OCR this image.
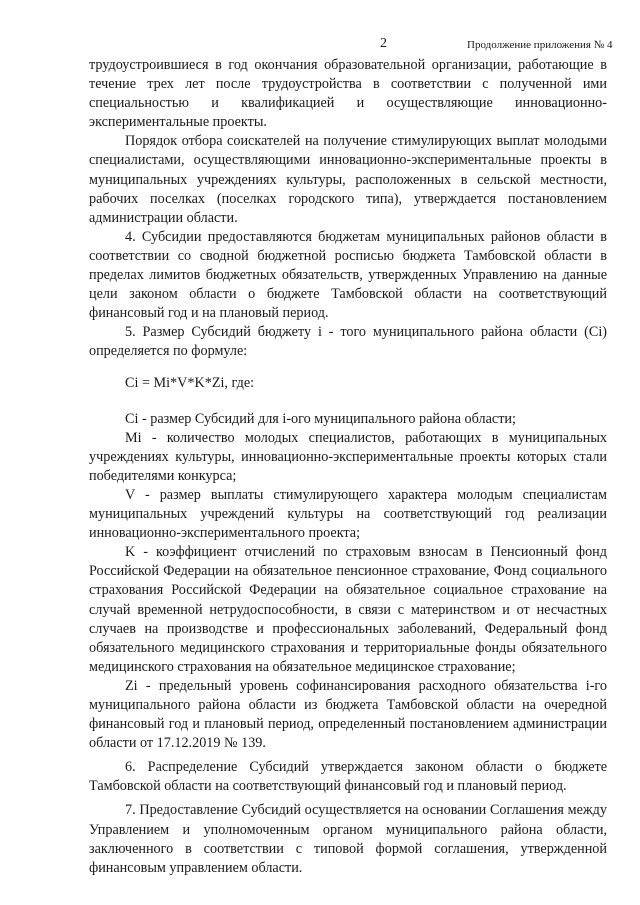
2	Продолжение приложения № 4

трудоустроившиеся в год окончания образовательной организации, работающие в течение трех лет после трудоустройства в соответствии с полученной ими специальностью и квалификацией и осуществляющие инновационно-экспериментальные проекты.

Порядок отбора соискателей на получение стимулирующих выплат молодыми специалистами, осуществляющими инновационно-экспериментальные проекты в муниципальных учреждениях культуры, расположенных в сельской местности, рабочих поселках (поселках городского типа), утверждается постановлением администрации области.

4. Субсидии предоставляются бюджетам муниципальных районов области в соответствии со сводной бюджетной росписью бюджета Тамбовской области в пределах лимитов бюджетных обязательств, утвержденных Управлению на данные цели законом области о бюджете Тамбовской области на соответствующий финансовый год и на плановый период.

5. Размер Субсидий бюджету i - того муниципального района области (Ci) определяется по формуле:

Ci = Mi*V*K*Zi, где:

Ci - размер Субсидий для i-ого муниципального района области;

Mi - количество молодых специалистов, работающих в муниципальных учреждениях культуры, инновационно-экспериментальные проекты которых стали победителями конкурса;

V - размер выплаты стимулирующего характера молодым специалистам муниципальных учреждений культуры на соответствующий год реализации инновационно-экспериментального проекта;

K - коэффициент отчислений по страховым взносам в Пенсионный фонд Российской Федерации на обязательное пенсионное страхование, Фонд социального страхования Российской Федерации на обязательное социальное страхование на случай временной нетрудоспособности, в связи с материнством и от несчастных случаев на производстве и профессиональных заболеваний, Федеральный фонд обязательного медицинского страхования и территориальные фонды обязательного медицинского страхования на обязательное медицинское страхование;

Zi - предельный уровень софинансирования расходного обязательства i-го муниципального района области из бюджета Тамбовской области на очередной финансовый год и плановый период, определенный постановлением администрации области от 17.12.2019 № 139.

6. Распределение Субсидий утверждается законом области о бюджете Тамбовской области на соответствующий финансовый год и плановый период.

7. Предоставление Субсидий осуществляется на основании Соглашения между Управлением и уполномоченным органом муниципального района области, заключенного в соответствии с типовой формой соглашения, утвержденной финансовым управлением области.
